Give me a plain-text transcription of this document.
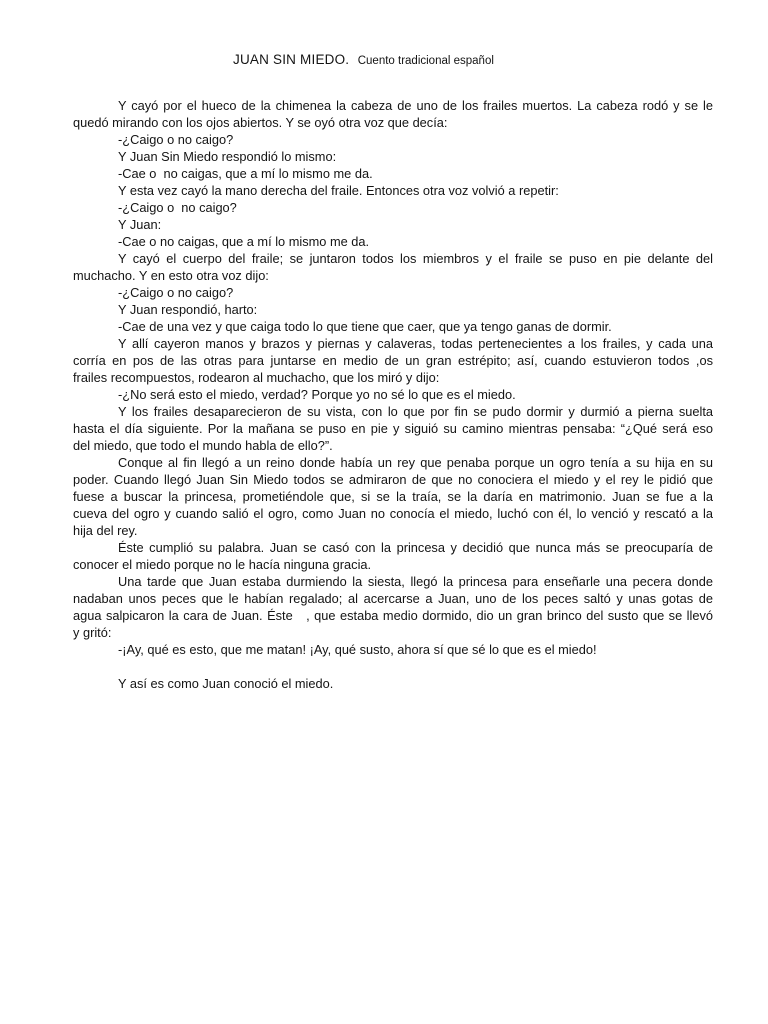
JUAN SIN MIEDO. Cuento tradicional español
Y cayó por el hueco de la chimenea la cabeza de uno de los frailes muertos. La cabeza rodó y se le
quedó mirando con los ojos abiertos. Y se oyó otra voz que decía:
-¿Caigo o no caigo?
Y Juan Sin Miedo respondió lo mismo:
-Cae o  no caigas, que a mí lo mismo me da.
Y esta vez cayó la mano derecha del fraile. Entonces otra voz volvió a repetir:
-¿Caigo o  no caigo?
Y Juan:
-Cae o no caigas, que a mí lo mismo me da.
Y cayó el cuerpo del fraile; se juntaron todos los miembros y el fraile se puso en pie delante del
muchacho. Y en esto otra voz dijo:
-¿Caigo o no caigo?
Y Juan respondió, harto:
-Cae de una vez y que caiga todo lo que tiene que caer, que ya tengo ganas de dormir.
Y allí cayeron manos y brazos y piernas y calaveras, todas pertenecientes a los frailes, y cada una
corría en pos de las otras para juntarse en medio de un gran estrépito; así, cuando estuvieron todos ,os
frailes recompuestos, rodearon al muchacho, que los miró y dijo:
-¿No será esto el miedo, verdad? Porque yo no sé lo que es el miedo.
Y los frailes desaparecieron de su vista, con lo que por fin se pudo dormir y durmió a pierna suelta
hasta el día siguiente. Por la mañana se puso en pie y siguió su camino mientras pensaba: “¿Qué será eso
del miedo, que todo el mundo habla de ello?”.
Conque al fin llegó a un reino donde había un rey que penaba porque un ogro tenía a su hija en su
poder. Cuando llegó Juan Sin Miedo todos se admiraron de que no conociera el miedo y el rey le pidió que
fuese a buscar la princesa, prometiéndole que, si se la traía, se la daría en matrimonio. Juan se fue a la
cueva del ogro y cuando salió el ogro, como Juan no conocía el miedo, luchó con él, lo venció y rescató a la
hija del rey.
Éste cumplió su palabra. Juan se casó con la princesa y decidió que nunca más se preocuparía de
conocer el miedo porque no le hacía ninguna gracia.
Una tarde que Juan estaba durmiendo la siesta, llegó la princesa para enseñarle una pecera donde
nadaban unos peces que le habían regalado; al acercarse a Juan, uno de los peces saltó y unas gotas de
agua salpicaron la cara de Juan. Éste   , que estaba medio dormido, dio un gran brinco del susto que se llevó
y gritó:
-¡Ay, qué es esto, que me matan! ¡Ay, qué susto, ahora sí que sé lo que es el miedo!
Y así es como Juan conoció el miedo.
